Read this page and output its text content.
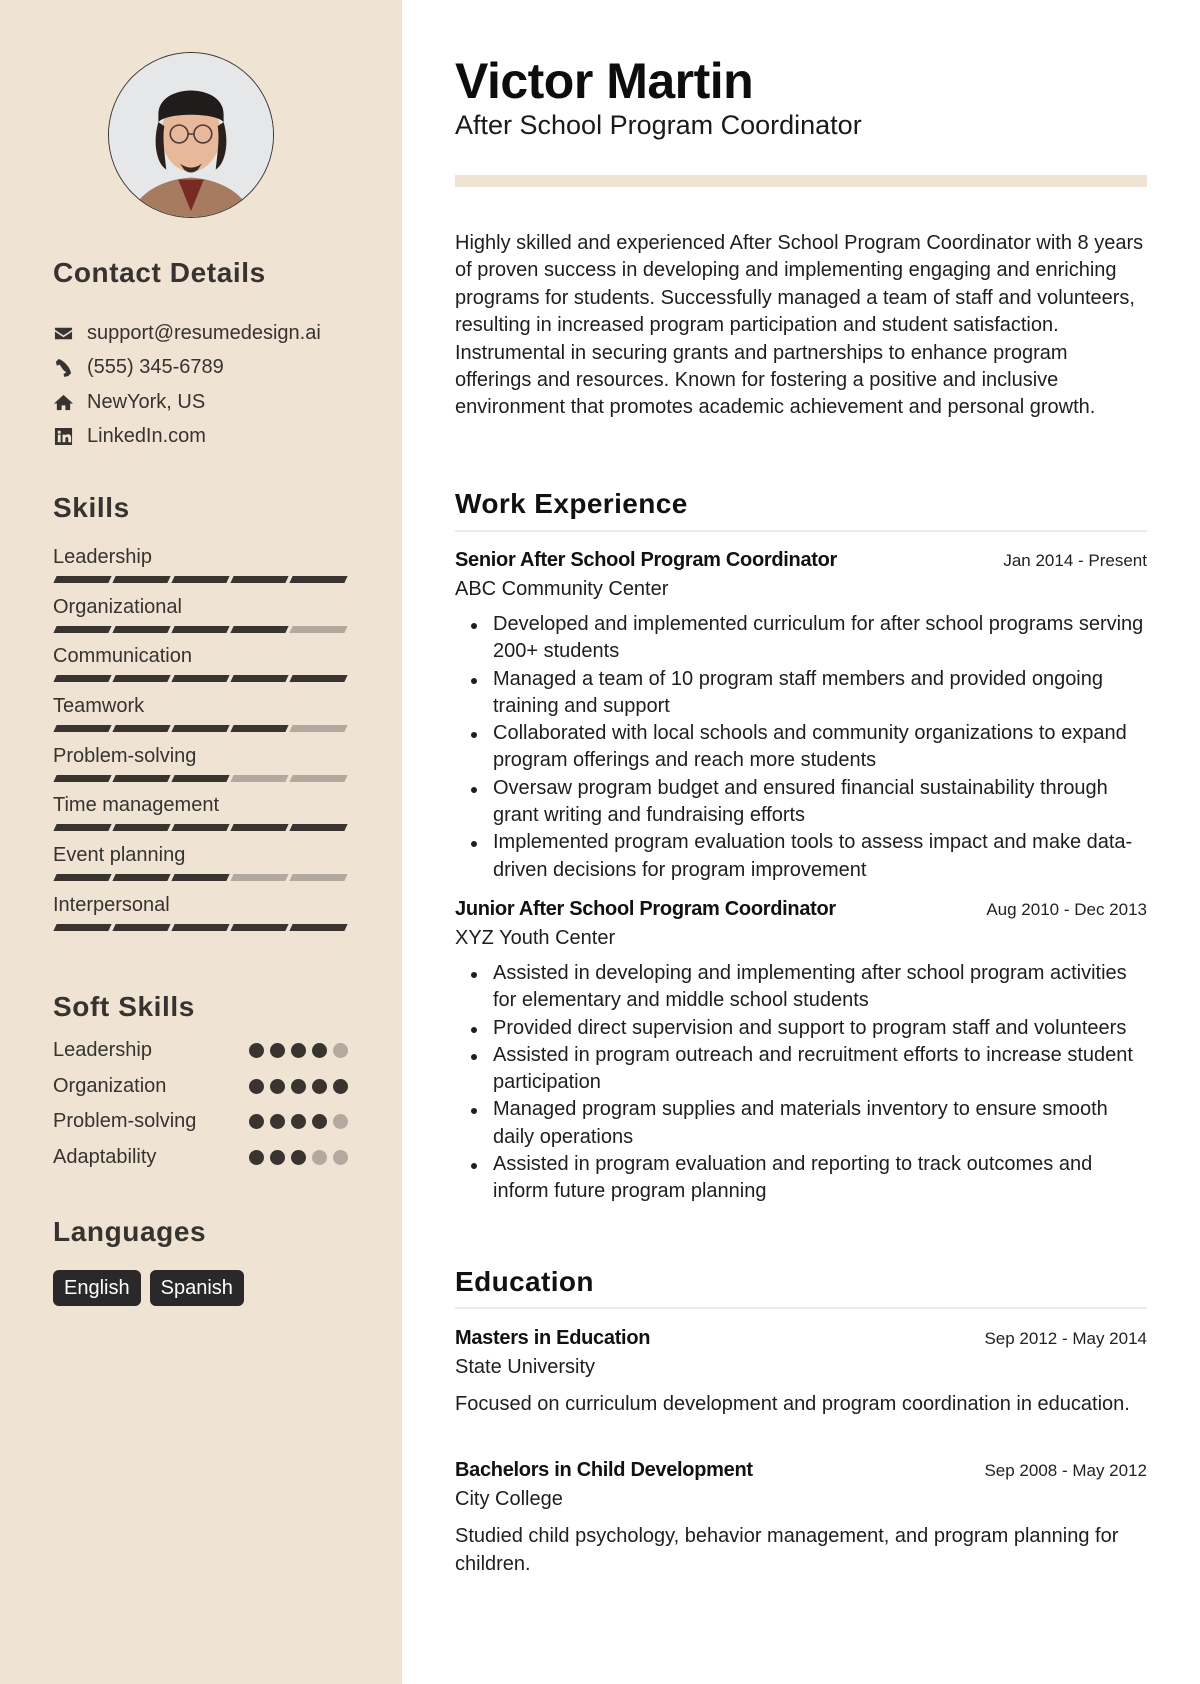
Contact Details
support@resumedesign.ai
(555) 345-6789
NewYork, US
LinkedIn.com
Skills
Leadership
Organizational
Communication
Teamwork
Problem-solving
Time management
Event planning
Interpersonal
Soft Skills
Leadership
Organization
Problem-solving
Adaptability
Languages
English	Spanish
Victor Martin
After School Program Coordinator

Highly skilled and experienced After School Program Coordinator with 8 years of proven success in developing and implementing engaging and enriching programs for students. Successfully managed a team of staff and volunteers, resulting in increased program participation and student satisfaction. Instrumental in securing grants and partnerships to enhance program offerings and resources. Known for fostering a positive and inclusive environment that promotes academic achievement and personal growth.

Work Experience
Senior After School Program Coordinator	Jan 2014 - Present
ABC Community Center
Developed and implemented curriculum for after school programs serving 200+ students
Managed a team of 10 program staff members and provided ongoing training and support
Collaborated with local schools and community organizations to expand program offerings and reach more students
Oversaw program budget and ensured financial sustainability through grant writing and fundraising efforts
Implemented program evaluation tools to assess impact and make data-driven decisions for program improvement
Junior After School Program Coordinator	Aug 2010 - Dec 2013
XYZ Youth Center
Assisted in developing and implementing after school program activities for elementary and middle school students
Provided direct supervision and support to program staff and volunteers
Assisted in program outreach and recruitment efforts to increase student participation
Managed program supplies and materials inventory to ensure smooth daily operations
Assisted in program evaluation and reporting to track outcomes and inform future program planning
Education
Masters in Education	Sep 2012 - May 2014
State University

Focused on curriculum development and program coordination in education.

Bachelors in Child Development	Sep 2008 - May 2012
City College

Studied child psychology, behavior management, and program planning for children.
